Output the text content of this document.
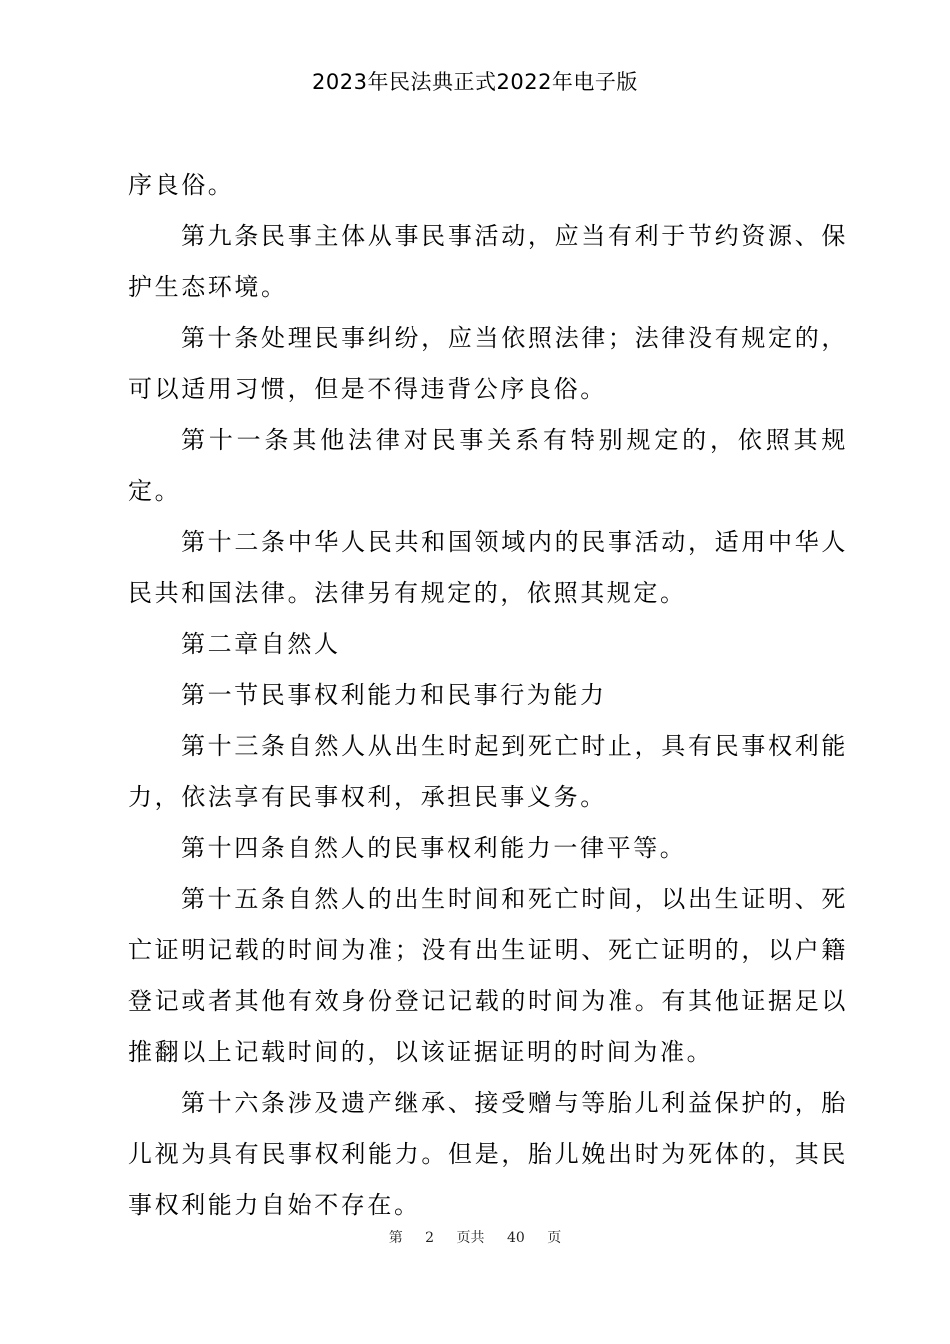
2023年民法典正式2022年电子版

序良俗。

第九条民事主体从事民事活动，应当有利于节约资源、保护生态环境。

第十条处理民事纠纷，应当依照法律；法律没有规定的，可以适用习惯，但是不得违背公序良俗。

第十一条其他法律对民事关系有特别规定的，依照其规定。

第十二条中华人民共和国领域内的民事活动，适用中华人民共和国法律。法律另有规定的，依照其规定。

第二章自然人

第一节民事权利能力和民事行为能力

第十三条自然人从出生时起到死亡时止，具有民事权利能力，依法享有民事权利，承担民事义务。

第十四条自然人的民事权利能力一律平等。

第十五条自然人的出生时间和死亡时间，以出生证明、死亡证明记载的时间为准；没有出生证明、死亡证明的，以户籍登记或者其他有效身份登记记载的时间为准。有其他证据足以推翻以上记载时间的，以该证据证明的时间为准。

第十六条涉及遗产继承、接受赠与等胎儿利益保护的，胎儿视为具有民事权利能力。但是，胎儿娩出时为死体的，其民事权利能力自始不存在。

第 2 页共 40 页
